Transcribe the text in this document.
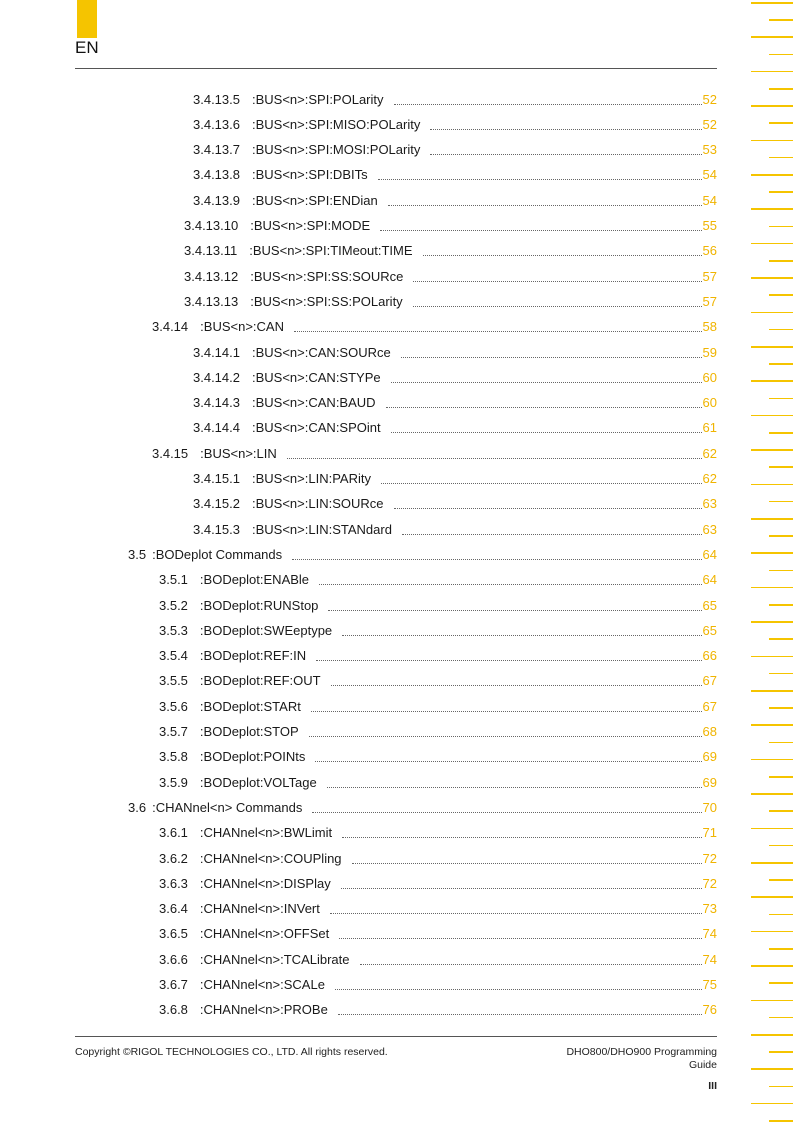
EN
3.4.13.5 :BUS<n>:SPI:POLarity	52
3.4.13.6 :BUS<n>:SPI:MISO:POLarity	52
3.4.13.7 :BUS<n>:SPI:MOSI:POLarity	53
3.4.13.8 :BUS<n>:SPI:DBITs	54
3.4.13.9 :BUS<n>:SPI:ENDian	54
3.4.13.10 :BUS<n>:SPI:MODE	55
3.4.13.11 :BUS<n>:SPI:TIMeout:TIME	56
3.4.13.12 :BUS<n>:SPI:SS:SOURce	57
3.4.13.13 :BUS<n>:SPI:SS:POLarity	57
3.4.14 :BUS<n>:CAN	58
3.4.14.1 :BUS<n>:CAN:SOURce	59
3.4.14.2 :BUS<n>:CAN:STYPe	60
3.4.14.3 :BUS<n>:CAN:BAUD	60
3.4.14.4 :BUS<n>:CAN:SPOint	61
3.4.15 :BUS<n>:LIN	62
3.4.15.1 :BUS<n>:LIN:PARity	62
3.4.15.2 :BUS<n>:LIN:SOURce	63
3.4.15.3 :BUS<n>:LIN:STANdard	63
3.5 :BODeplot Commands	64
3.5.1 :BODeplot:ENABle	64
3.5.2 :BODeplot:RUNStop	65
3.5.3 :BODeplot:SWEeptype	65
3.5.4 :BODeplot:REF:IN	66
3.5.5 :BODeplot:REF:OUT	67
3.5.6 :BODeplot:STARt	67
3.5.7 :BODeplot:STOP	68
3.5.8 :BODeplot:POINts	69
3.5.9 :BODeplot:VOLTage	69
3.6 :CHANnel<n> Commands	70
3.6.1 :CHANnel<n>:BWLimit	71
3.6.2 :CHANnel<n>:COUPling	72
3.6.3 :CHANnel<n>:DISPlay	72
3.6.4 :CHANnel<n>:INVert	73
3.6.5 :CHANnel<n>:OFFSet	74
3.6.6 :CHANnel<n>:TCALibrate	74
3.6.7 :CHANnel<n>:SCALe	75
3.6.8 :CHANnel<n>:PROBe	76
Copyright ©RIGOL TECHNOLOGIES CO., LTD. All rights reserved.	DHO800/DHO900 Programming
Guide
III
